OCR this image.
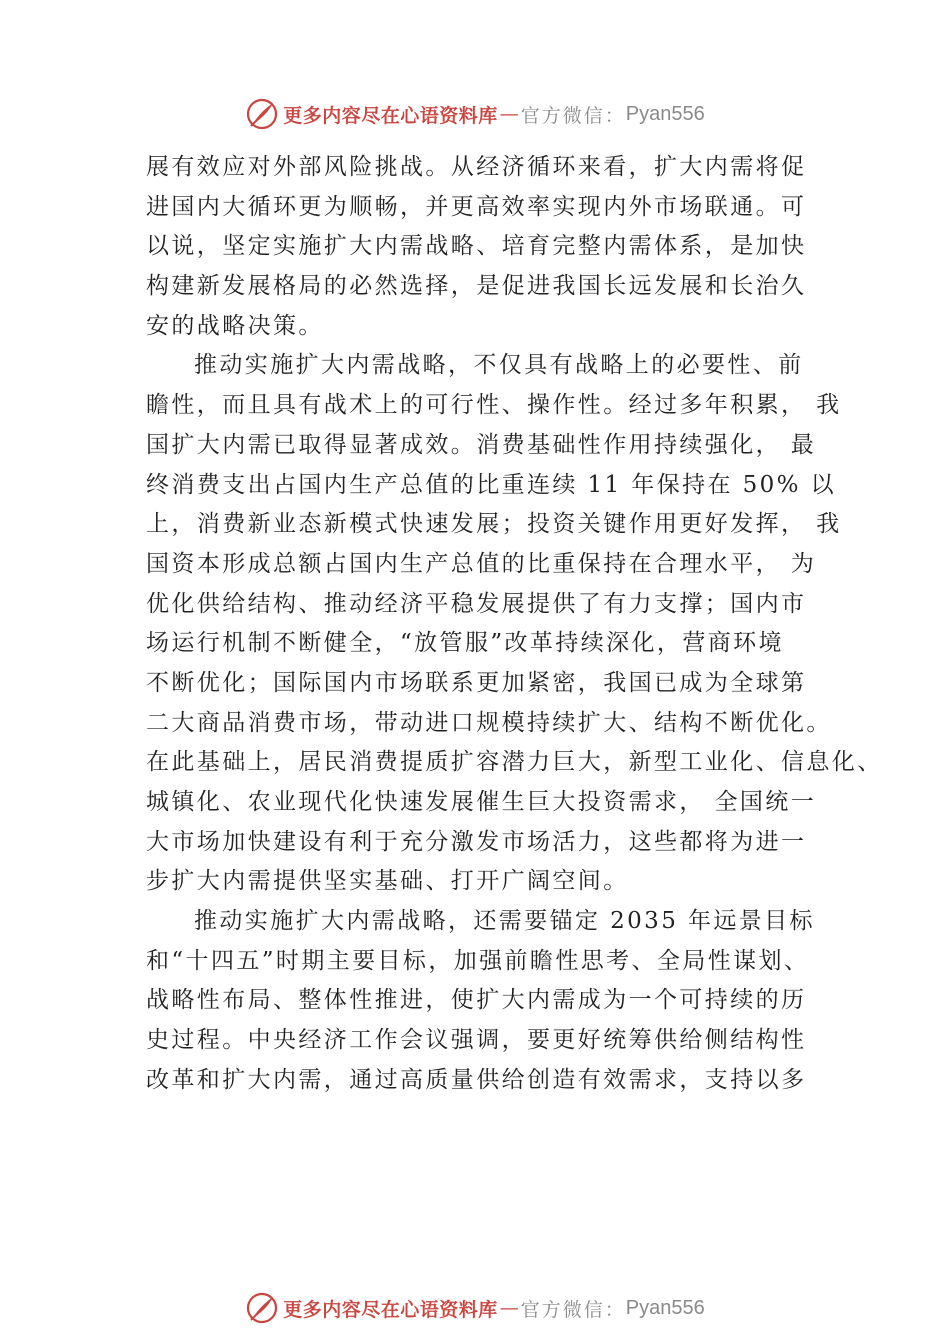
更多内容尽在心语资料库 — 官方微信： Pyan556
展有效应对外部风险挑战。从经济循环来看，扩大内需将促
进国内大循环更为顺畅，并更高效率实现内外市场联通。可
以说，坚定实施扩大内需战略、培育完整内需体系，是加快
构建新发展格局的必然选择，是促进我国长远发展和长治久
安的战略决策。
推动实施扩大内需战略，不仅具有战略上的必要性、前
瞻性，而且具有战术上的可行性、操作性。经过多年积累， 我
国扩大内需已取得显著成效。消费基础性作用持续强化， 最
终消费支出占国内生产总值的比重连续 11 年保持在 50% 以
上，消费新业态新模式快速发展；投资关键作用更好发挥， 我
国资本形成总额占国内生产总值的比重保持在合理水平， 为
优化供给结构、推动经济平稳发展提供了有力支撑；国内市
场运行机制不断健全，“放管服”改革持续深化，营商环境
不断优化；国际国内市场联系更加紧密，我国已成为全球第
二大商品消费市场，带动进口规模持续扩大、结构不断优化。
在此基础上，居民消费提质扩容潜力巨大，新型工业化、信息化、
城镇化、农业现代化快速发展催生巨大投资需求， 全国统一
大市场加快建设有利于充分激发市场活力，这些都将为进一
步扩大内需提供坚实基础、打开广阔空间。
推动实施扩大内需战略，还需要锚定 2035 年远景目标
和“十四五”时期主要目标，加强前瞻性思考、全局性谋划、
战略性布局、整体性推进，使扩大内需成为一个可持续的历
史过程。中央经济工作会议强调，要更好统筹供给侧结构性
改革和扩大内需，通过高质量供给创造有效需求，支持以多
更多内容尽在心语资料库 — 官方微信： Pyan556
